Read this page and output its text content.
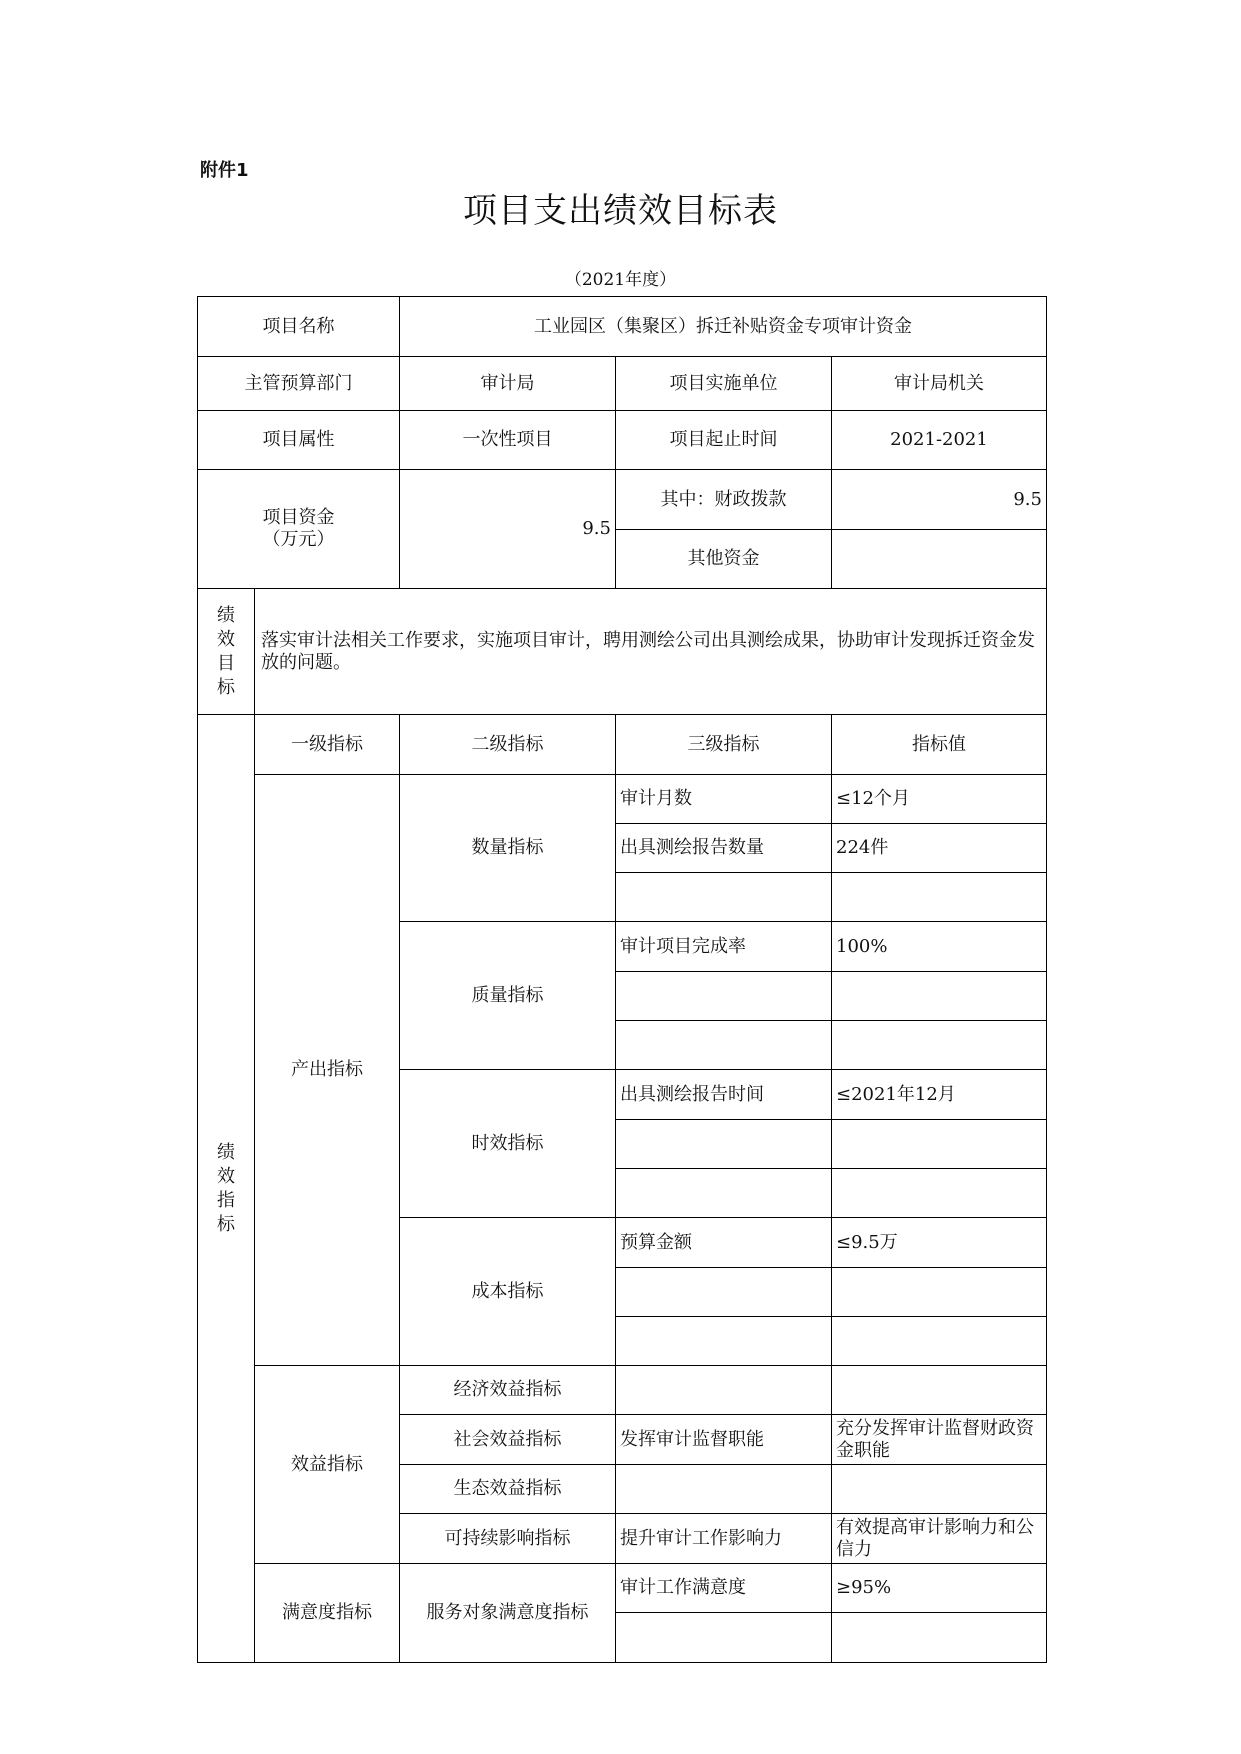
附件1
项目支出绩效目标表
（2021年度）
项目名称		工业园区（集聚区）拆迁补贴资金专项审计资金		
主管预算部门		审计局	项目实施单位	审计局机关
项目属性		一次性项目	项目起止时间	2021-2021

项目资金
（万元）		9.5	其中：财政拨款	9.5
			其他资金	
绩效目标	落实审计法相关工作要求，实施项目审计，聘用测绘公司出具测绘成果，协助审计发现拆迁资金发放的问题。			
绩效指标	一级指标	二级指标	三级指标	指标值
	产出指标	数量指标	审计月数	≤12个月
			出具测绘报告数量	224件

		质量指标	审计项目完成率	100%

		时效指标	出具测绘报告时间	≤2021年12月

		成本指标	预算金额	≤9.5万

	效益指标	经济效益指标		
		社会效益指标	发挥审计监督职能	充分发挥审计监督财政资金职能
		生态效益指标		
		可持续影响指标	提升审计工作影响力	有效提高审计影响力和公信力
	满意度指标	服务对象满意度指标	审计工作满意度	≥95%
